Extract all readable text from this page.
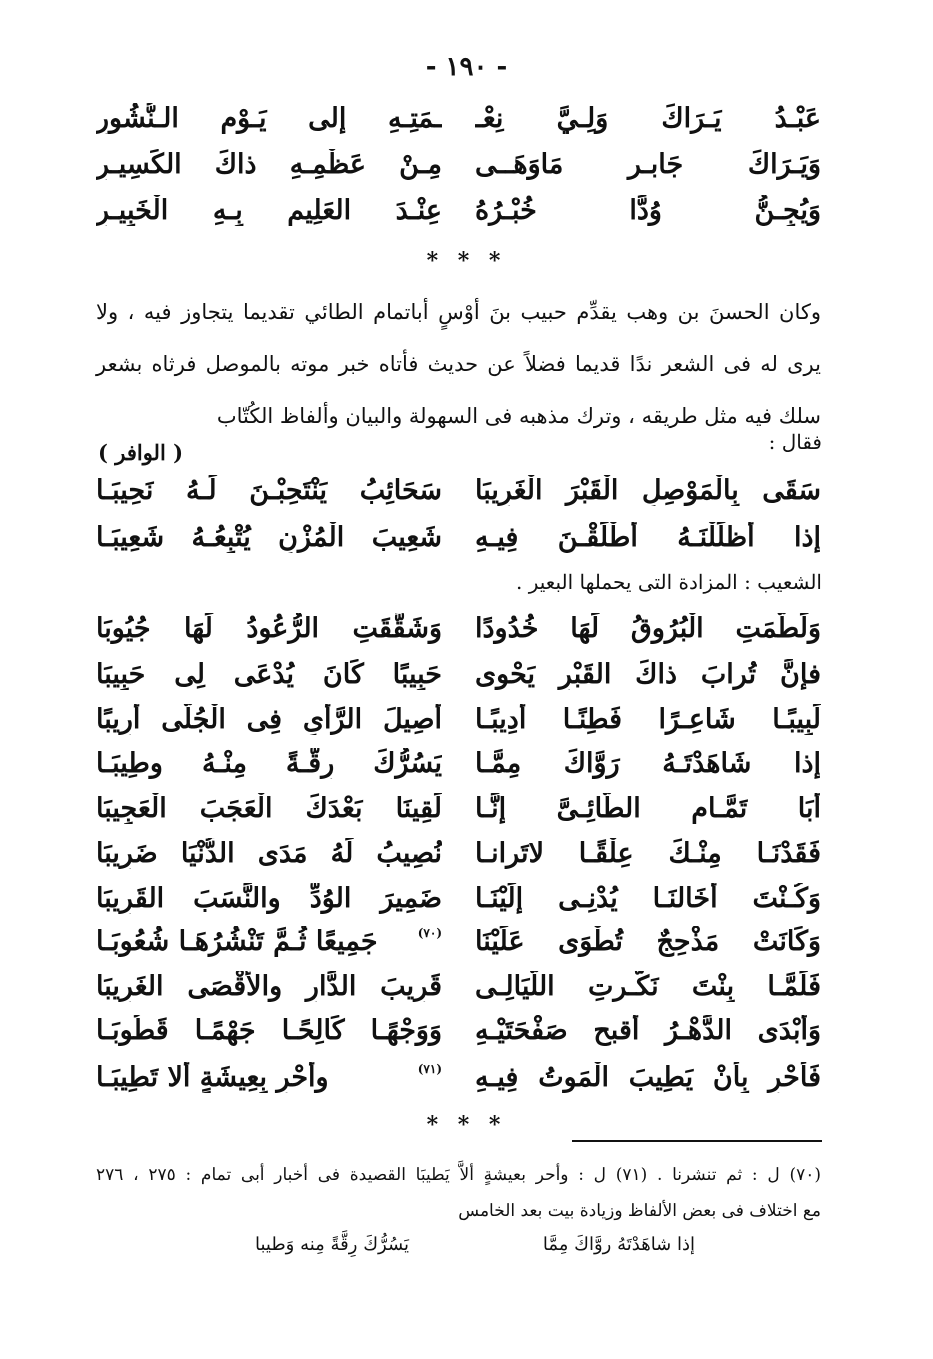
- ١٩٠ -
عَبْـدُ يَـرَاكَ وَلِـيَّ نِعْـ
ـمَتِـهِ إلى يَـوْمِ الـنُّشُورِ
وَيَـرَاكَ جَابـر مَاوَهَــى
مِـنْ عَظْمِـهِ ذاكَ الكَسِيـرِ
وَيُجِـنُّ وُدًّا خُبْـرُهُ
عِنْـدَ العَلِيمِ بِـهِ الْخَبِيـرِ
* * *
وكان الحسنَ بن وهب يقدِّم حبيب بنَ أوْسٍ أباتمام الطائي تقديما يتجاوز فيه ، ولا يرى له فى الشعر ندًا قديما فضلاً عن حديث فأتاه خبر موته بالموصل فرثاه بشعر سلك فيه مثل طريقه ، وترك مذهبه فى السهولة والبيان وألفاظ الكُتّاب
فقال :
( الوافر )
سَقَى بِالْمَوْصِلِ الْقَبْرَ الْغَرِيبَا
سَحَائِبُ يَنْتَحِبْـنَ لَـهُ نَحِيبَـا
إذا أظلَلْنَـهُ أطْلَقْـنَ فِيـهِ
شَعِيبَ الْمُزْنِ يُتْبِعُـهُ شَعِيبَـا
الشعيب : المزادة التى يحملها البعير .
وَلَطَّمَتِ الْبُرُوقُ لَهَا خُدُودًا
وَشَقَّقَتِ الرُّعُودُ لَهَا جُيُوبَا
فإنَّ تُرابَ ذاكَ القَبْرِ يَحْوى
حَبِيبًا كَانَ يُدْعَى لِى حَبِيبَا
لَبِيبًـا شَاعِـرًا فَطِنًـا أدِيبًـا
أصِيلَ الرَّأْىِ فِى الْجُلَّى أرِيبًا
إذا شَاهَدْتَـهُ رَوَّاكَ مِمَّـا
يَسُرُّكَ رِقَّـةً مِنْـهُ وطِيبَـا
أبَا تَمَّـامٍ الطَّائِـىَّ إنَّـا
لَقِينَا بَعْدَكَ الْعَجَبَ الْعَجِيبَا
فَقَدْنَـا مِنْـكَ عِلْقًـا لاتَرانـا
نُصِيبُ لَهُ مَدَى الدُّنْيَا ضَرِيبَا
وَكُـنْتَ أخَالنَـا يُدْنِـى إلَيْنَـا
ضَمِيرَ الوُدِّ والنَّسَبَ القَرِيبَا
وَكَانَتْ مَذْحِجٌ تُطْوَى عَلَيْنَا
(٧٠)
جَمِيعًا ثُـمَّ تَنْشُرُهَـا شُعُوبَـا
فَلَمَّـا بِنْتَ نَكَّـرتِ اللَّيَالِـى
قَرِيبَ الدَّارِ والأقْصَى الغَرِيبَا
وَأبْدَى الدَّهْـرُ أقبح صَفْحَتَيْـهِ
وَوَجْهًـا كَالِحًـا جَهْمًـا قَطُوبَـا
فَأحْرِ بِأنْ يَطِيبَ الْمَوتُ فِيـهِ
(٧١)
وأحْرِ بِعِيشَةٍ ألا تَطِيبَـا
* * *
(٧٠) ل : ثم تنشرنا . (٧١) ل : وأحر بعيشةٍ ألاَّ يَطيبَا القصيدة فى أخبار أبى تمام : ٢٧٥ ، ٢٧٦
مع اختلاف فى بعض الألفاظ وزيادة بيت بعد الخامس
إذا شاهَدْتَهُ روَّاكَ مِمَّا
يَسُرُّكَ رِقَّةً مِنه وَطيبا
